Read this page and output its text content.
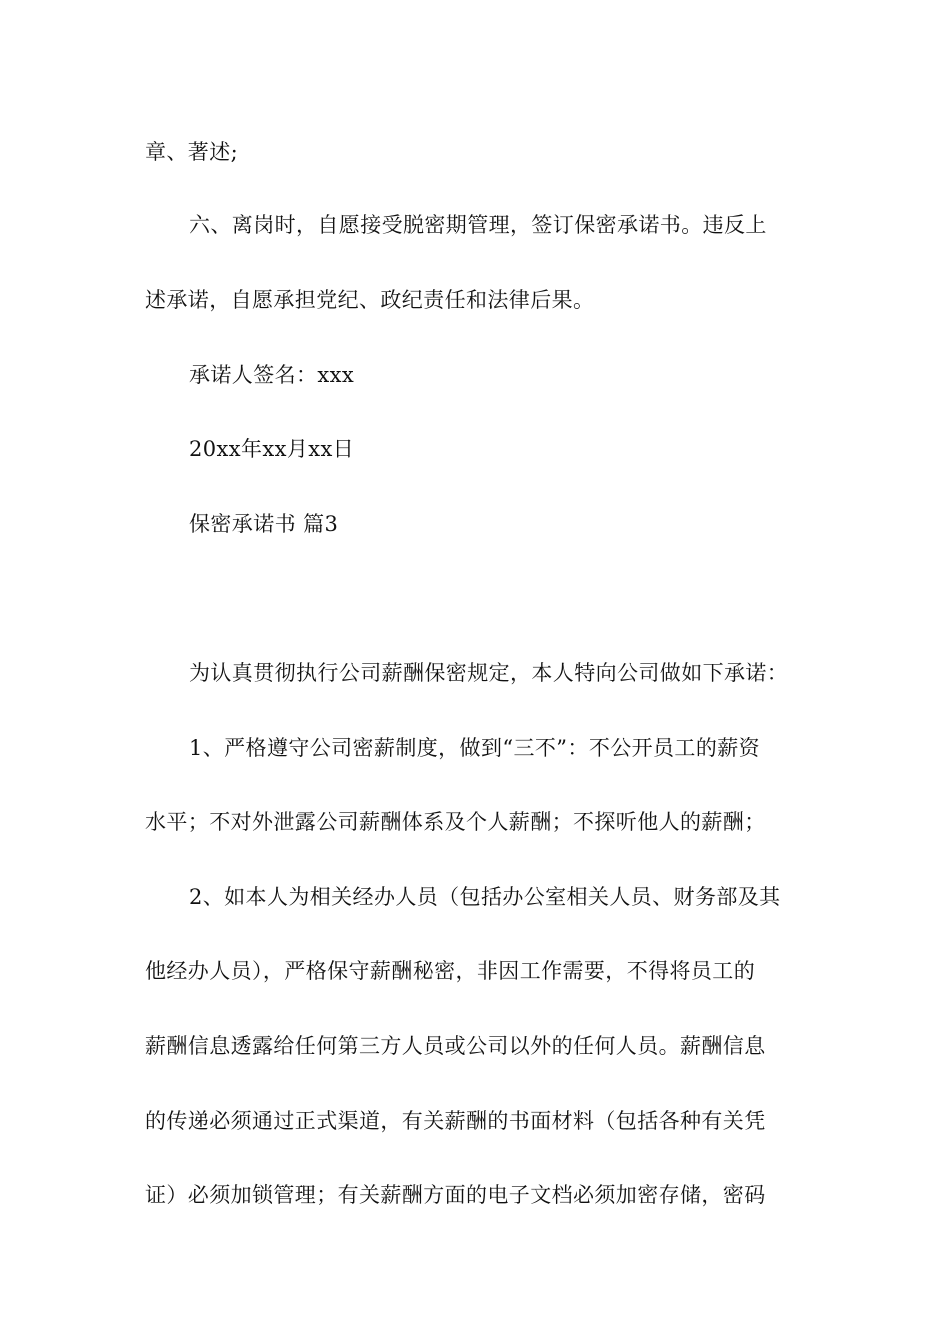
章、著述;
六、离岗时，自愿接受脱密期管理，签订保密承诺书。违反上
述承诺，自愿承担党纪、政纪责任和法律后果。
承诺人签名：xxx
20xx年xx月xx日
保密承诺书 篇3
为认真贯彻执行公司薪酬保密规定，本人特向公司做如下承诺：
1、严格遵守公司密薪制度，做到“三不”：不公开员工的薪资
水平；不对外泄露公司薪酬体系及个人薪酬；不探听他人的薪酬；
2、如本人为相关经办人员（包括办公室相关人员、财务部及其
他经办人员），严格保守薪酬秘密，非因工作需要，不得将员工的
薪酬信息透露给任何第三方人员或公司以外的任何人员。薪酬信息
的传递必须通过正式渠道，有关薪酬的书面材料（包括各种有关凭
证）必须加锁管理；有关薪酬方面的电子文档必须加密存储，密码
